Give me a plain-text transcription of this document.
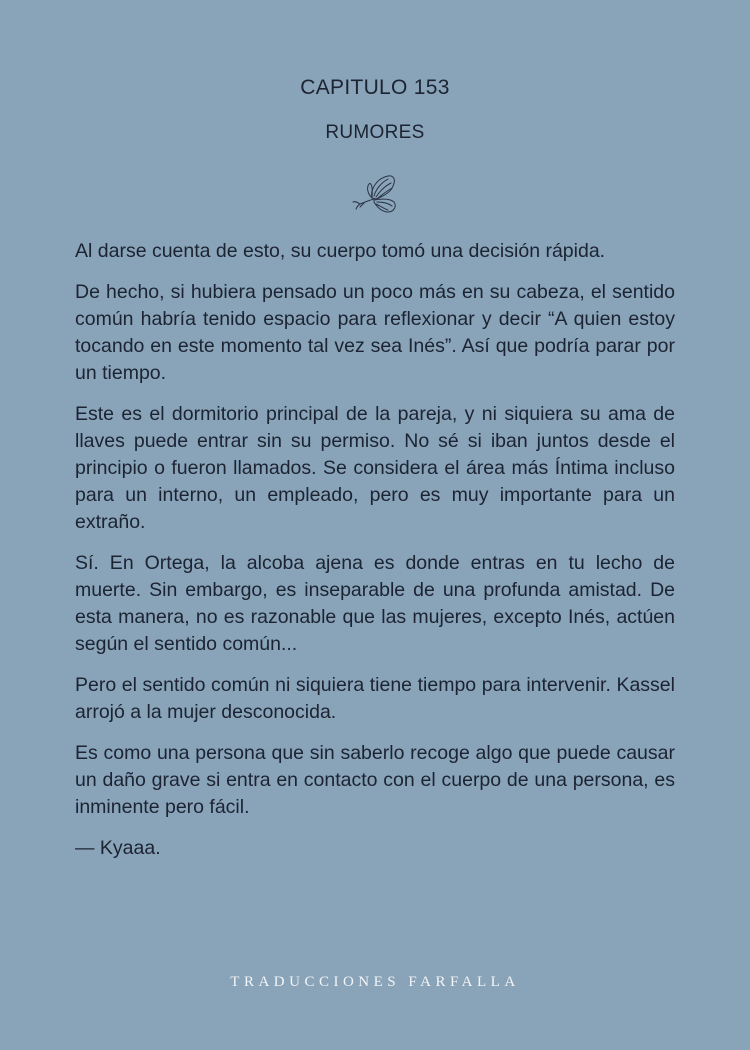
CAPITULO 153
RUMORES

Al darse cuenta de esto, su cuerpo tomó una decisión rápida.

De hecho, si hubiera pensado un poco más en su cabeza, el sentido común habría tenido espacio para reflexionar y decir “A quien estoy tocando en este momento tal vez sea Inés”. Así que podría parar por un tiempo.

Este es el dormitorio principal de la pareja, y ni siquiera su ama de llaves puede entrar sin su permiso. No sé si iban juntos desde el principio o fueron llamados. Se considera el área más Íntima incluso para un interno, un empleado, pero es muy importante para un extraño.

Sí. En Ortega, la alcoba ajena es donde entras en tu lecho de muerte. Sin embargo, es inseparable de una profunda amistad. De esta manera, no es razonable que las mujeres, excepto Inés, actúen según el sentido común...

Pero el sentido común ni siquiera tiene tiempo para intervenir. Kassel arrojó a la mujer desconocida.

Es como una persona que sin saberlo recoge algo que puede causar un daño grave si entra en contacto con el cuerpo de una persona, es inminente pero fácil.

— Kyaaa.

TRADUCCIONES FARFALLA
